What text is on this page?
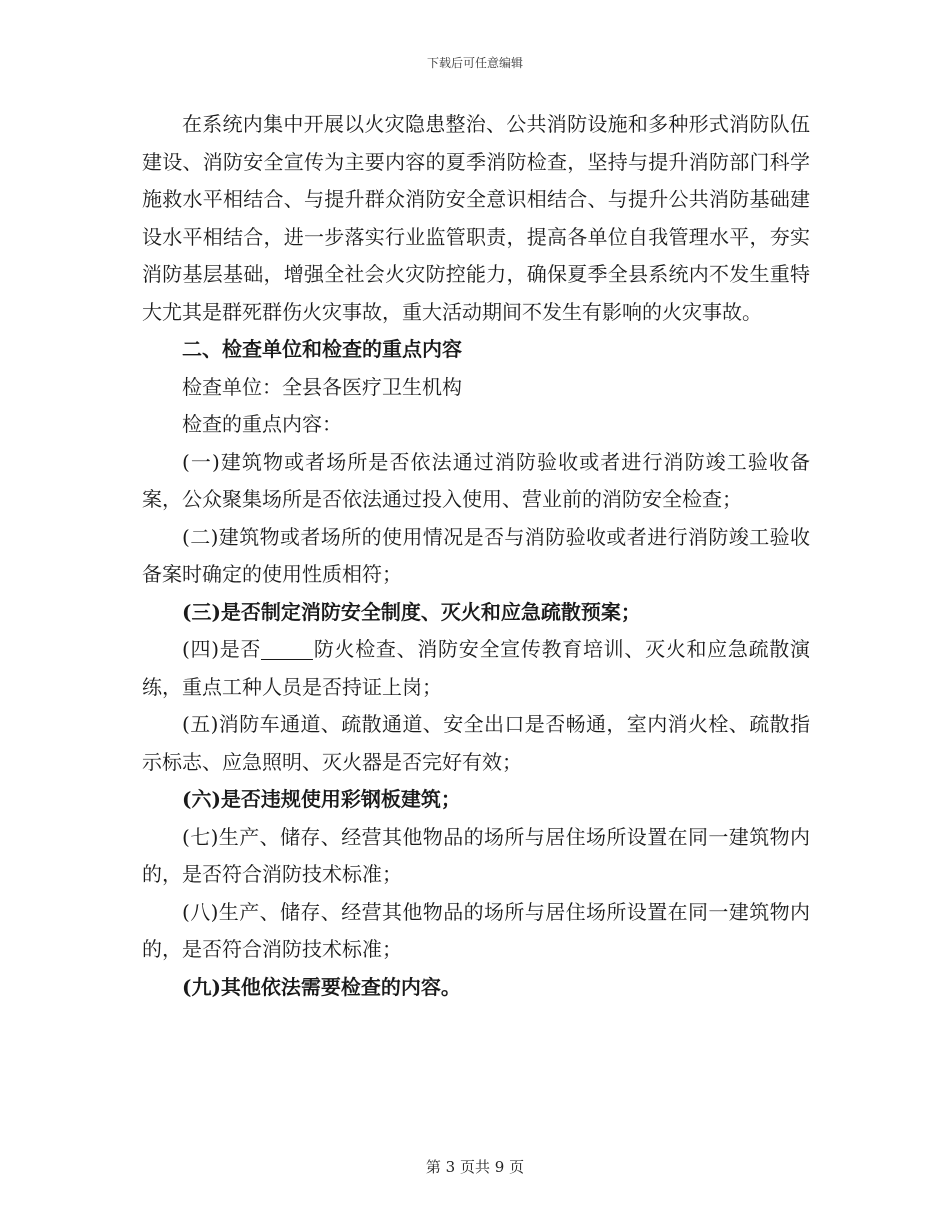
下载后可任意编辑

在系统内集中开展以火灾隐患整治、公共消防设施和多种形式消防队伍建设、消防安全宣传为主要内容的夏季消防检查，坚持与提升消防部门科学施救水平相结合、与提升群众消防安全意识相结合、与提升公共消防基础建设水平相结合，进一步落实行业监管职责，提高各单位自我管理水平，夯实消防基层基础，增强全社会火灾防控能力，确保夏季全县系统内不发生重特大尤其是群死群伤火灾事故，重大活动期间不发生有影响的火灾事故。

二、检查单位和检查的重点内容

检查单位：全县各医疗卫生机构

检查的重点内容：

(一)建筑物或者场所是否依法通过消防验收或者进行消防竣工验收备案，公众聚集场所是否依法通过投入使用、营业前的消防安全检查；

(二)建筑物或者场所的使用情况是否与消防验收或者进行消防竣工验收备案时确定的使用性质相符；

(三)是否制定消防安全制度、灭火和应急疏散预案；

(四)是否	防火检查、消防安全宣传教育培训、灭火和应急疏散演练，重点工种人员是否持证上岗；

(五)消防车通道、疏散通道、安全出口是否畅通，室内消火栓、疏散指示标志、应急照明、灭火器是否完好有效；

(六)是否违规使用彩钢板建筑；

(七)生产、储存、经营其他物品的场所与居住场所设置在同一建筑物内的，是否符合消防技术标准；

(八)生产、储存、经营其他物品的场所与居住场所设置在同一建筑物内的，是否符合消防技术标准；

(九)其他依法需要检查的内容。

第 3 页共 9 页
